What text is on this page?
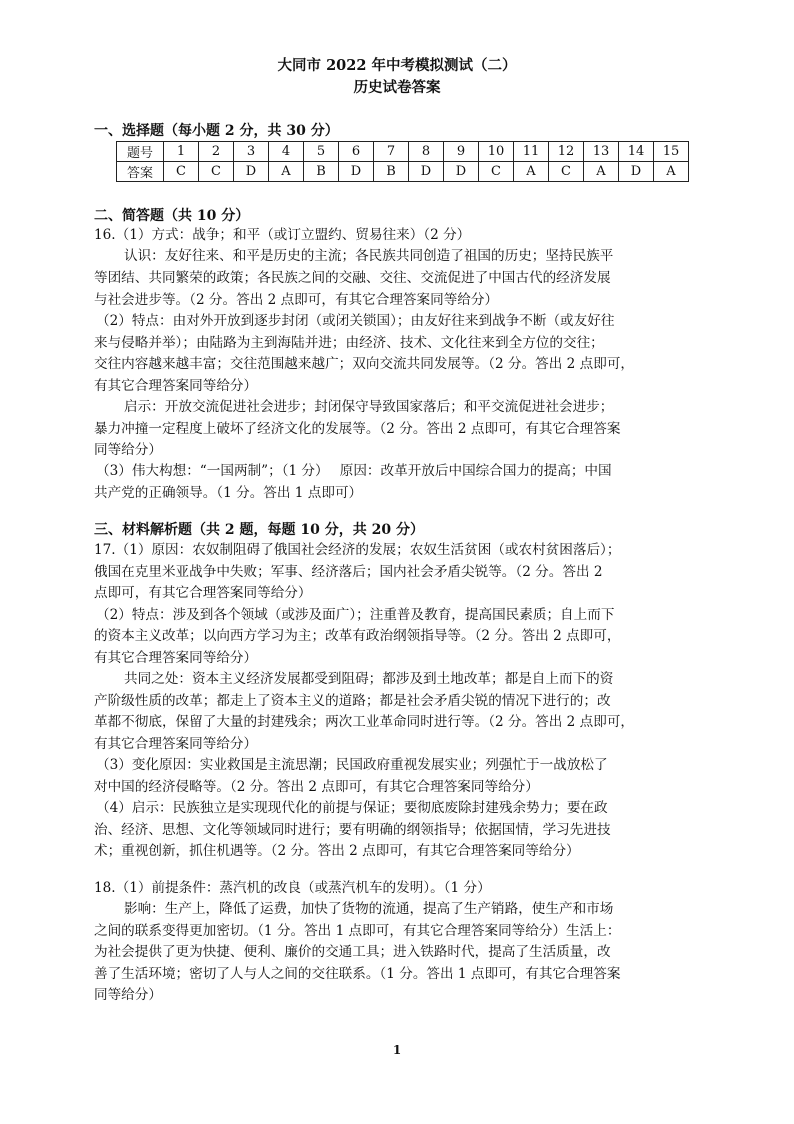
大同市 2022 年中考模拟测试（二）
历史试卷答案
一、选择题（每小题 2 分，共 30 分）
题号	1	2	3	4	5	6	7	8	9	10	11	12	13	14	15
答案	C	C	D	A	B	D	B	D	D	C	A	C	A	D	A
二、简答题（共 10 分）
16.（1）方式：战争；和平（或订立盟约、贸易往来）（2 分）
认识：友好往来、和平是历史的主流；各民族共同创造了祖国的历史；坚持民族平
等团结、共同繁荣的政策；各民族之间的交融、交往、交流促进了中国古代的经济发展
与社会进步等。（2 分。答出 2 点即可，有其它合理答案同等给分）
（2）特点：由对外开放到逐步封闭（或闭关锁国）；由友好往来到战争不断（或友好往
来与侵略并举）；由陆路为主到海陆并进；由经济、技术、文化往来到全方位的交往；
交往内容越来越丰富；交往范围越来越广；双向交流共同发展等。（2 分。答出 2 点即可，
有其它合理答案同等给分）
启示：开放交流促进社会进步；封闭保守导致国家落后；和平交流促进社会进步；
暴力冲撞一定程度上破坏了经济文化的发展等。（2 分。答出 2 点即可，有其它合理答案
同等给分）
（3）伟大构想：“一国两制”；（1 分）　 原因：改革开放后中国综合国力的提高；中国
共产党的正确领导。（1 分。答出 1 点即可）
三、材料解析题（共 2 题，每题 10 分，共 20 分）
17.（1）原因：农奴制阻碍了俄国社会经济的发展；农奴生活贫困（或农村贫困落后）；
俄国在克里米亚战争中失败；军事、经济落后；国内社会矛盾尖锐等。（2 分。答出 2
点即可，有其它合理答案同等给分）
（2）特点：涉及到各个领域（或涉及面广）；注重普及教育，提高国民素质；自上而下
的资本主义改革；以向西方学习为主；改革有政治纲领指导等。（2 分。答出 2 点即可，
有其它合理答案同等给分）
共同之处：资本主义经济发展都受到阻碍；都涉及到土地改革；都是自上而下的资
产阶级性质的改革；都走上了资本主义的道路；都是社会矛盾尖锐的情况下进行的；改
革都不彻底，保留了大量的封建残余；两次工业革命同时进行等。（2 分。答出 2 点即可，
有其它合理答案同等给分）
（3）变化原因：实业救国是主流思潮；民国政府重视发展实业；列强忙于一战放松了
对中国的经济侵略等。（2 分。答出 2 点即可，有其它合理答案同等给分）
（4）启示：民族独立是实现现代化的前提与保证；要彻底废除封建残余势力；要在政
治、经济、思想、文化等领域同时进行；要有明确的纲领指导；依据国情，学习先进技
术；重视创新，抓住机遇等。（2 分。答出 2 点即可，有其它合理答案同等给分）
18.（1）前提条件：蒸汽机的改良（或蒸汽机车的发明）。（1 分）
影响：生产上，降低了运费，加快了货物的流通，提高了生产销路，使生产和市场
之间的联系变得更加密切。（1 分。答出 1 点即可，有其它合理答案同等给分）生活上：
为社会提供了更为快捷、便利、廉价的交通工具；进入铁路时代，提高了生活质量，改
善了生活环境；密切了人与人之间的交往联系。（1 分。答出 1 点即可，有其它合理答案
同等给分）
1
